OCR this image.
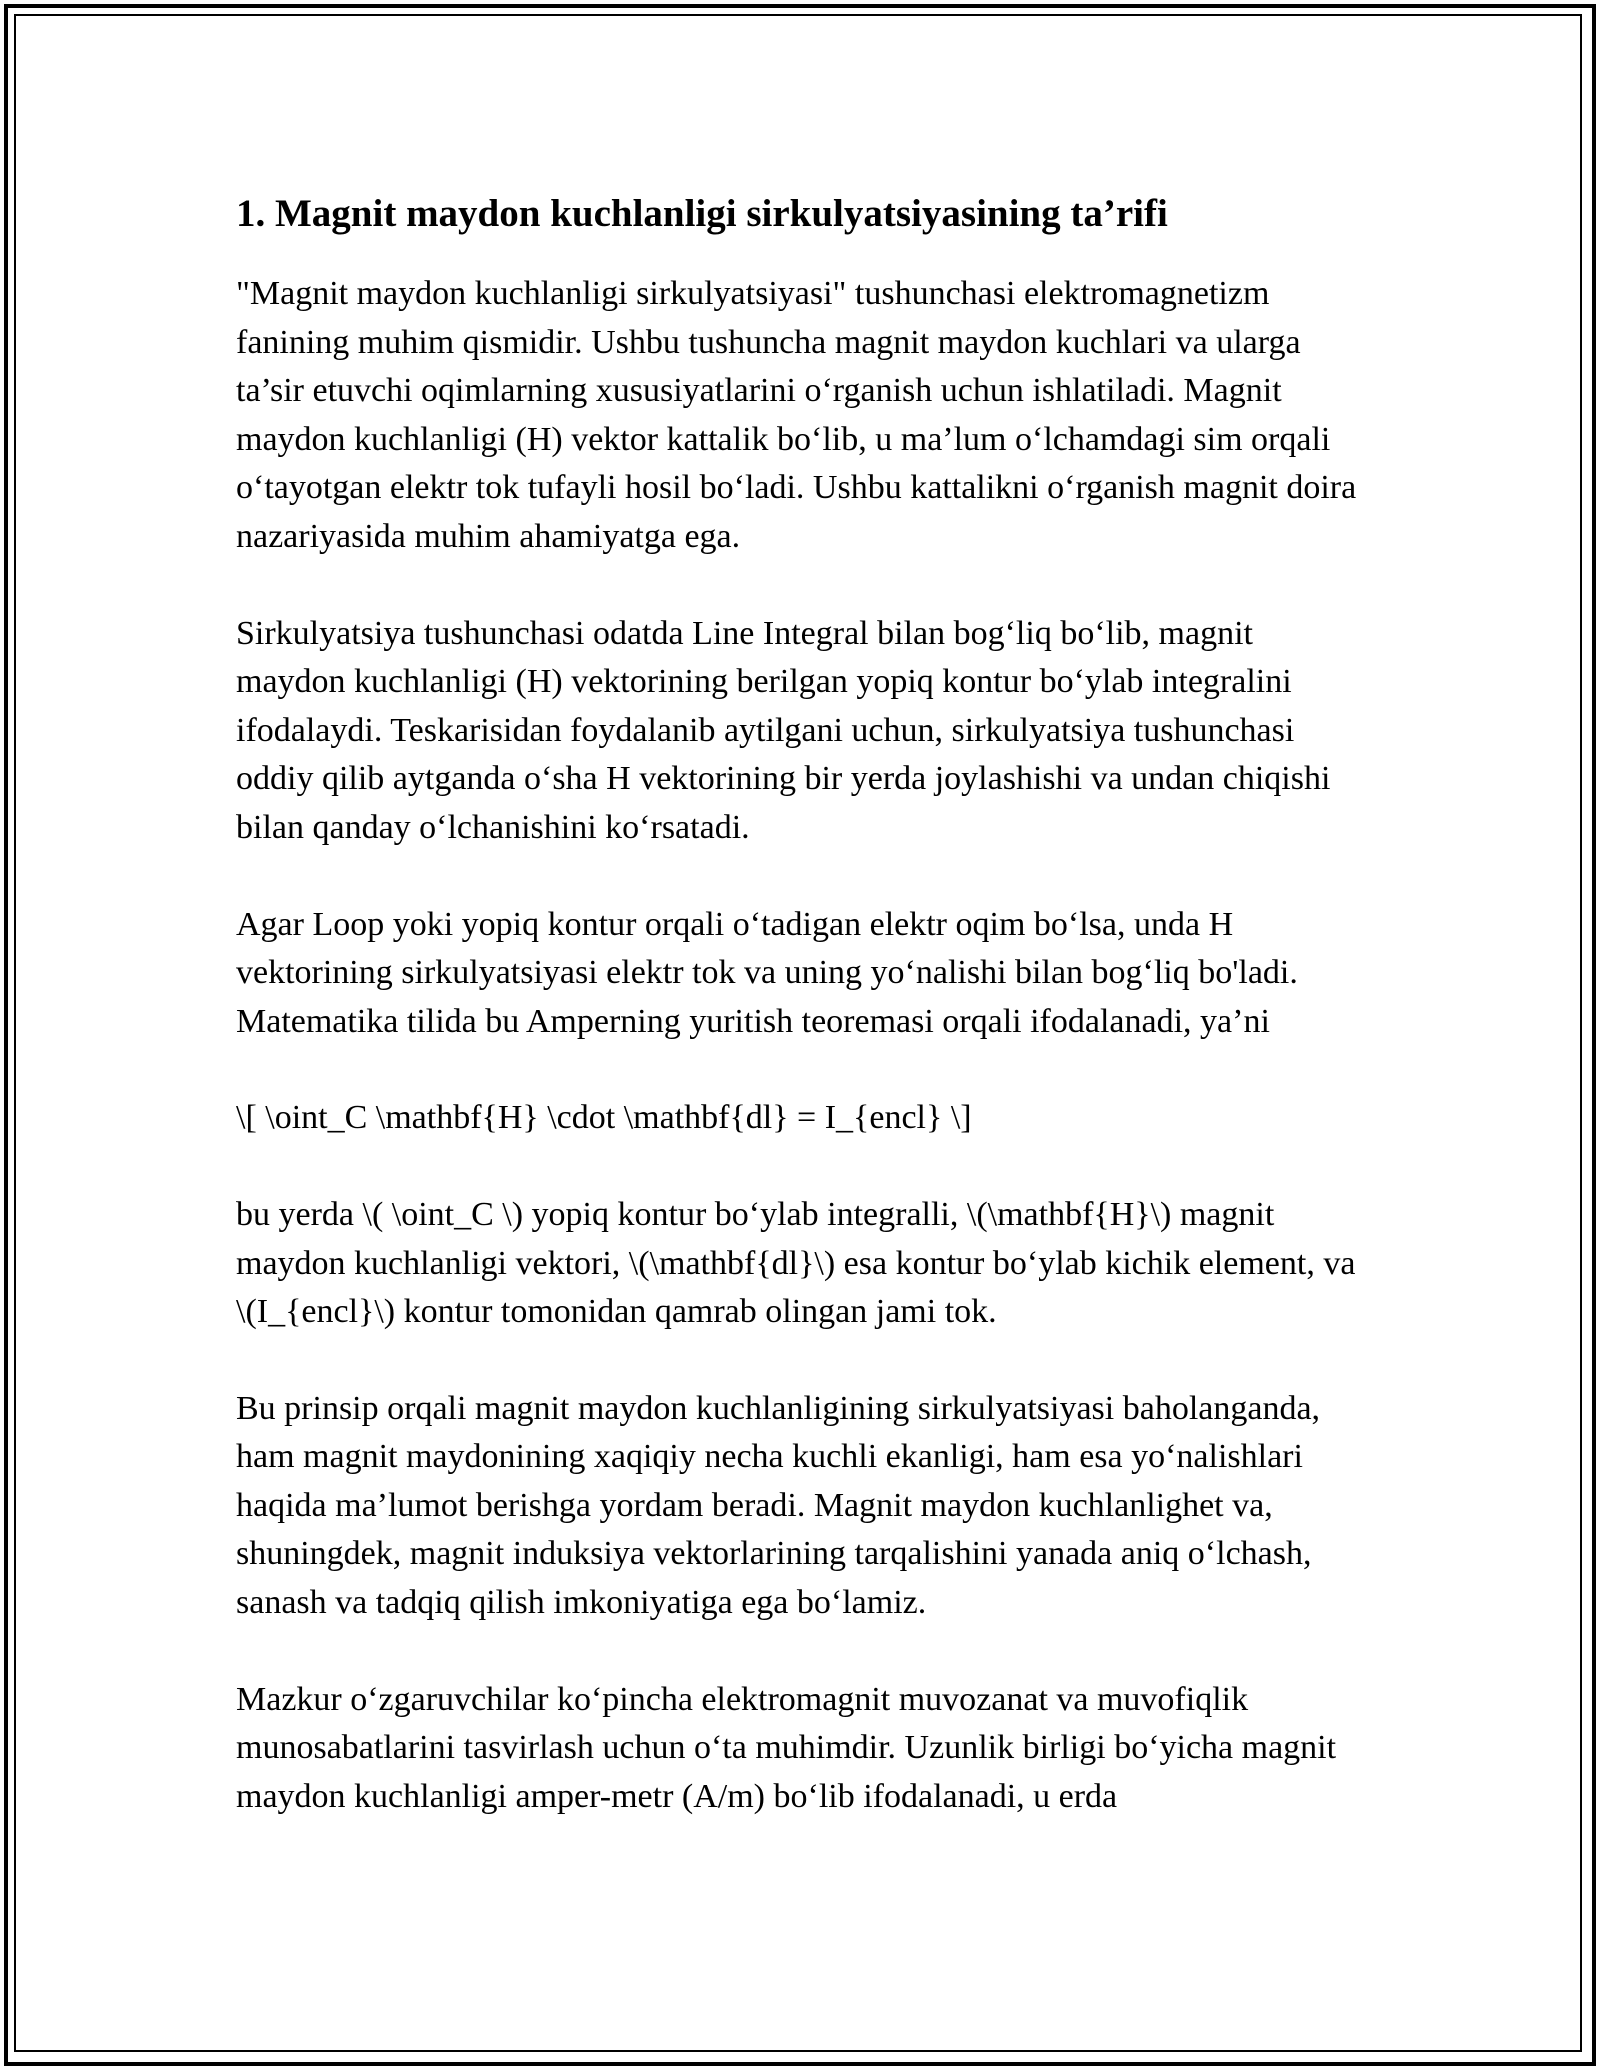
1. Magnit maydon kuchlanligi sirkulyatsiyasining ta’rifi

"Magnit maydon kuchlanligi sirkulyatsiyasi" tushunchasi elektromagnetizm fanining muhim qismidir. Ushbu tushuncha magnit maydon kuchlari va ularga ta’sir etuvchi oqimlarning xususiyatlarini o‘rganish uchun ishlatiladi. Magnit maydon kuchlanligi (H) vektor kattalik bo‘lib, u ma’lum o‘lchamdagi sim orqali o‘tayotgan elektr tok tufayli hosil bo‘ladi. Ushbu kattalikni o‘rganish magnit doira nazariyasida muhim ahamiyatga ega.

Sirkulyatsiya tushunchasi odatda Line Integral bilan bog‘liq bo‘lib, magnit maydon kuchlanligi (H) vektorining berilgan yopiq kontur bo‘ylab integralini ifodalaydi. Teskarisidan foydalanib aytilgani uchun, sirkulyatsiya tushunchasi oddiy qilib aytganda o‘sha H vektorining bir yerda joylashishi va undan chiqishi bilan qanday o‘lchanishini ko‘rsatadi.

Agar Loop yoki yopiq kontur orqali o‘tadigan elektr oqim bo‘lsa, unda H vektorining sirkulyatsiyasi elektr tok va uning yo‘nalishi bilan bog‘liq bo'ladi. Matematika tilida bu Amperning yuritish teoremasi orqali ifodalanadi, ya’ni

\[ \oint_C \mathbf{H} \cdot \mathbf{dl} = I_{encl} \]

bu yerda \( \oint_C \) yopiq kontur bo‘ylab integralli, \(\mathbf{H}\) magnit maydon kuchlanligi vektori, \(\mathbf{dl}\) esa kontur bo‘ylab kichik element, va \(I_{encl}\) kontur tomonidan qamrab olingan jami tok.

Bu prinsip orqali magnit maydon kuchlanligining sirkulyatsiyasi baholanganda, ham magnit maydonining xaqiqiy necha kuchli ekanligi, ham esa yo‘nalishlari haqida ma’lumot berishga yordam beradi. Magnit maydon kuchlanlighet va, shuningdek, magnit induksiya vektorlarining tarqalishini yanada aniq o‘lchash, sanash va tadqiq qilish imkoniyatiga ega bo‘lamiz.

Mazkur o‘zgaruvchilar ko‘pincha elektromagnit muvozanat va muvofiqlik munosabatlarini tasvirlash uchun o‘ta muhimdir. Uzunlik birligi bo‘yicha magnit maydon kuchlanligi amper-metr (A/m) bo‘lib ifodalanadi, u erda
